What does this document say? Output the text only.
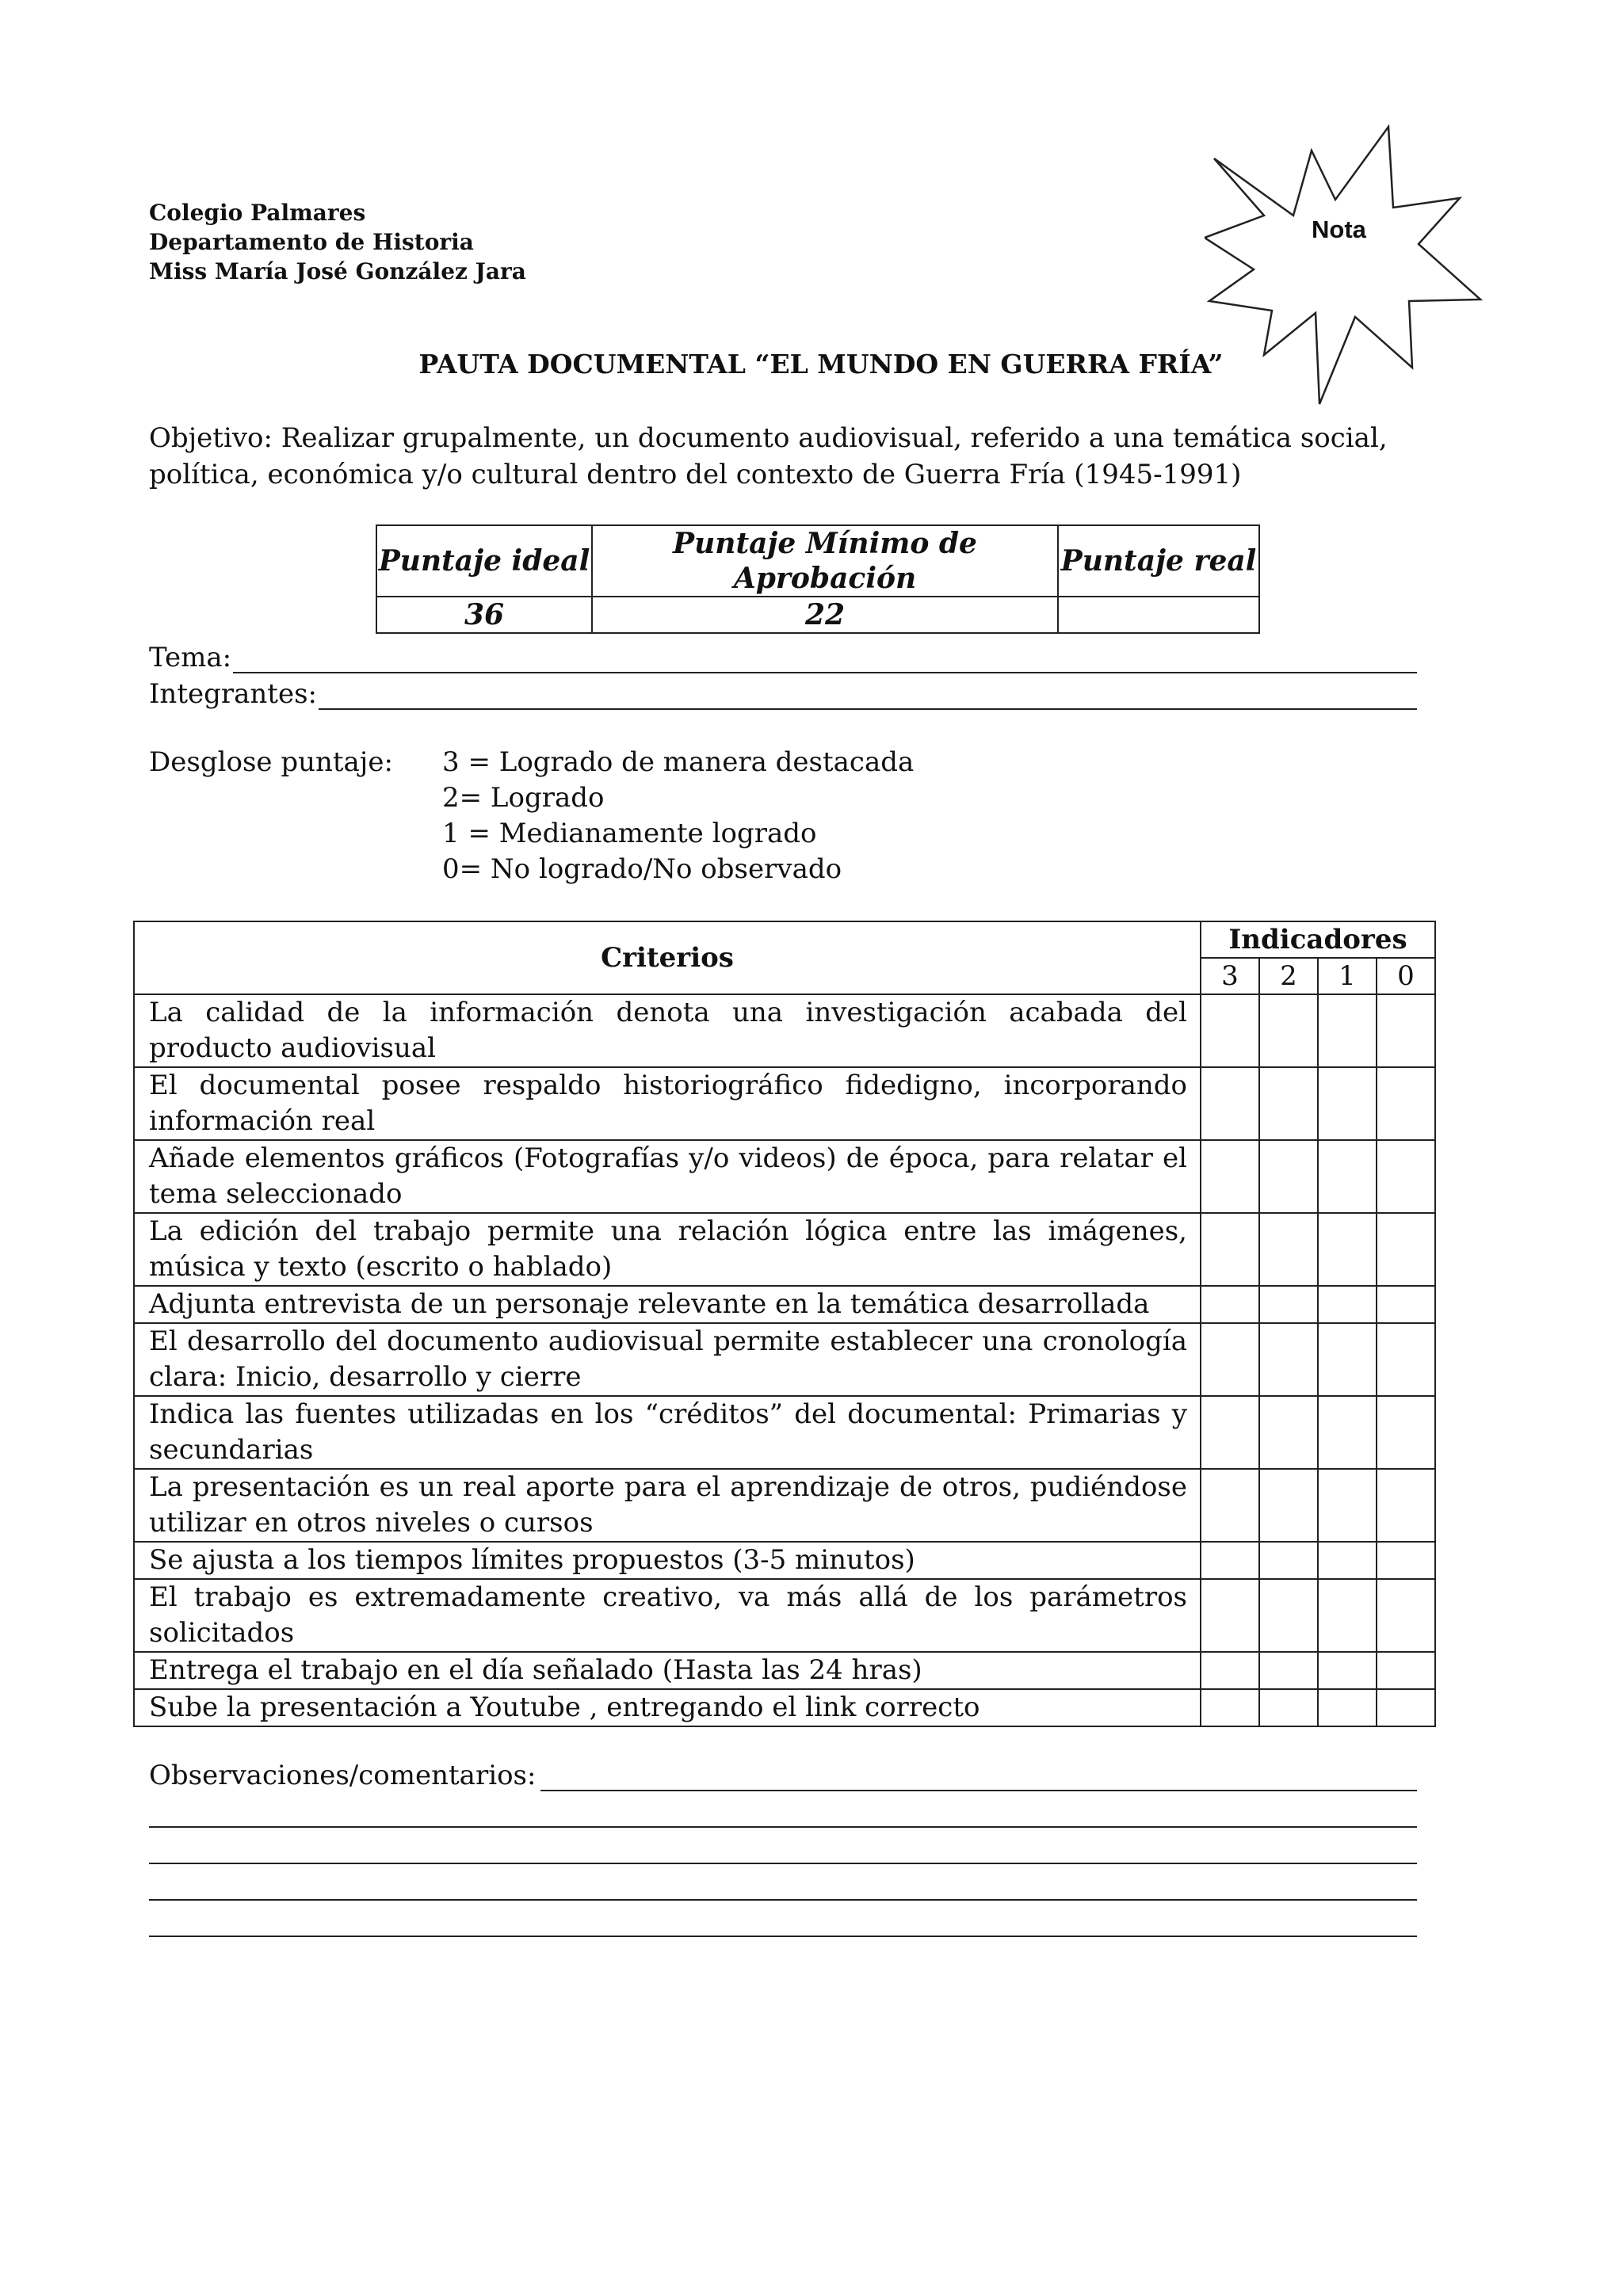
Colegio Palmares
Departamento de Historia
Miss María José González Jara
Nota
PAUTA DOCUMENTAL “EL MUNDO EN GUERRA FRÍA”
Objetivo: Realizar grupalmente, un documento audiovisual, referido a una temática social, política, económica y/o cultural dentro del contexto de Guerra Fría (1945-1991)
Puntaje ideal	Puntaje Mínimo de Aprobación	Puntaje real
36	22	
Tema:
Integrantes:
Desglose puntaje: 3 = Logrado de manera destacada
2= Logrado
1 = Medianamente logrado
0= No logrado/No observado
Criterios	Indicadores			
	3	2	1	0
La calidad de la información denota una investigación acabada del producto audiovisual				
El documental posee respaldo historiográfico fidedigno, incorporando información real				
Añade elementos gráficos (Fotografías y/o videos) de época, para relatar el tema seleccionado				
La edición del trabajo permite una relación lógica entre las imágenes, música y texto (escrito o hablado)				
Adjunta entrevista de un personaje relevante en la temática desarrollada				
El desarrollo del documento audiovisual permite establecer una cronología clara: Inicio, desarrollo y cierre				
Indica las fuentes utilizadas en los “créditos” del documental: Primarias y secundarias				
La presentación es un real aporte para el aprendizaje de otros, pudiéndose utilizar en otros niveles o cursos				
Se ajusta a los tiempos límites propuestos (3-5 minutos)				
El trabajo es extremadamente creativo, va más allá de los parámetros solicitados				
Entrega el trabajo en el día señalado (Hasta las 24 hras)				
Sube la presentación a Youtube , entregando el link correcto				
Observaciones/comentarios:
